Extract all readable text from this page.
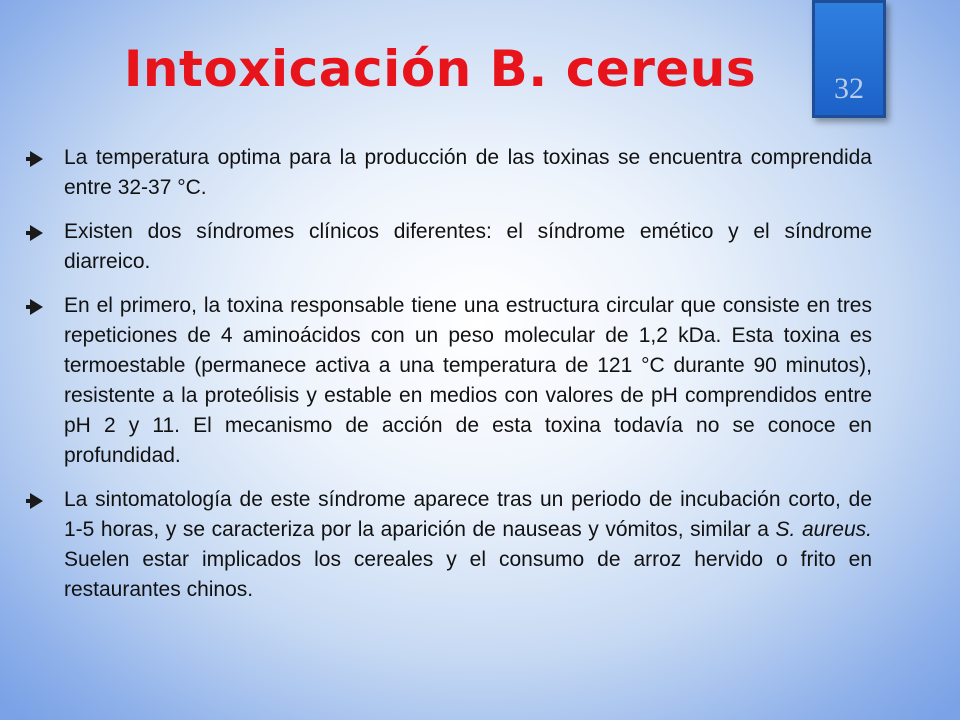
Intoxicación B. cereus	32
La temperatura optima para la producción de las toxinas se encuentra comprendida entre 32-37 °C.
Existen dos síndromes clínicos diferentes: el síndrome emético y el síndrome diarreico.
En el primero, la toxina responsable tiene una estructura circular que consiste en tres repeticiones de 4 aminoácidos con un peso molecular de 1,2 kDa. Esta toxina es termoestable (permanece activa a una temperatura de 121 °C durante 90 minutos), resistente a la proteólisis y estable en medios con valores de pH comprendidos entre pH 2 y 11. El mecanismo de acción de esta toxina todavía no se conoce en profundidad.
La sintomatología de este síndrome aparece tras un periodo de incubación corto, de 1-5 horas, y se caracteriza por la aparición de nauseas y vómitos, similar a S. aureus. Suelen estar implicados los cereales y el consumo de arroz hervido o frito en restaurantes chinos.
